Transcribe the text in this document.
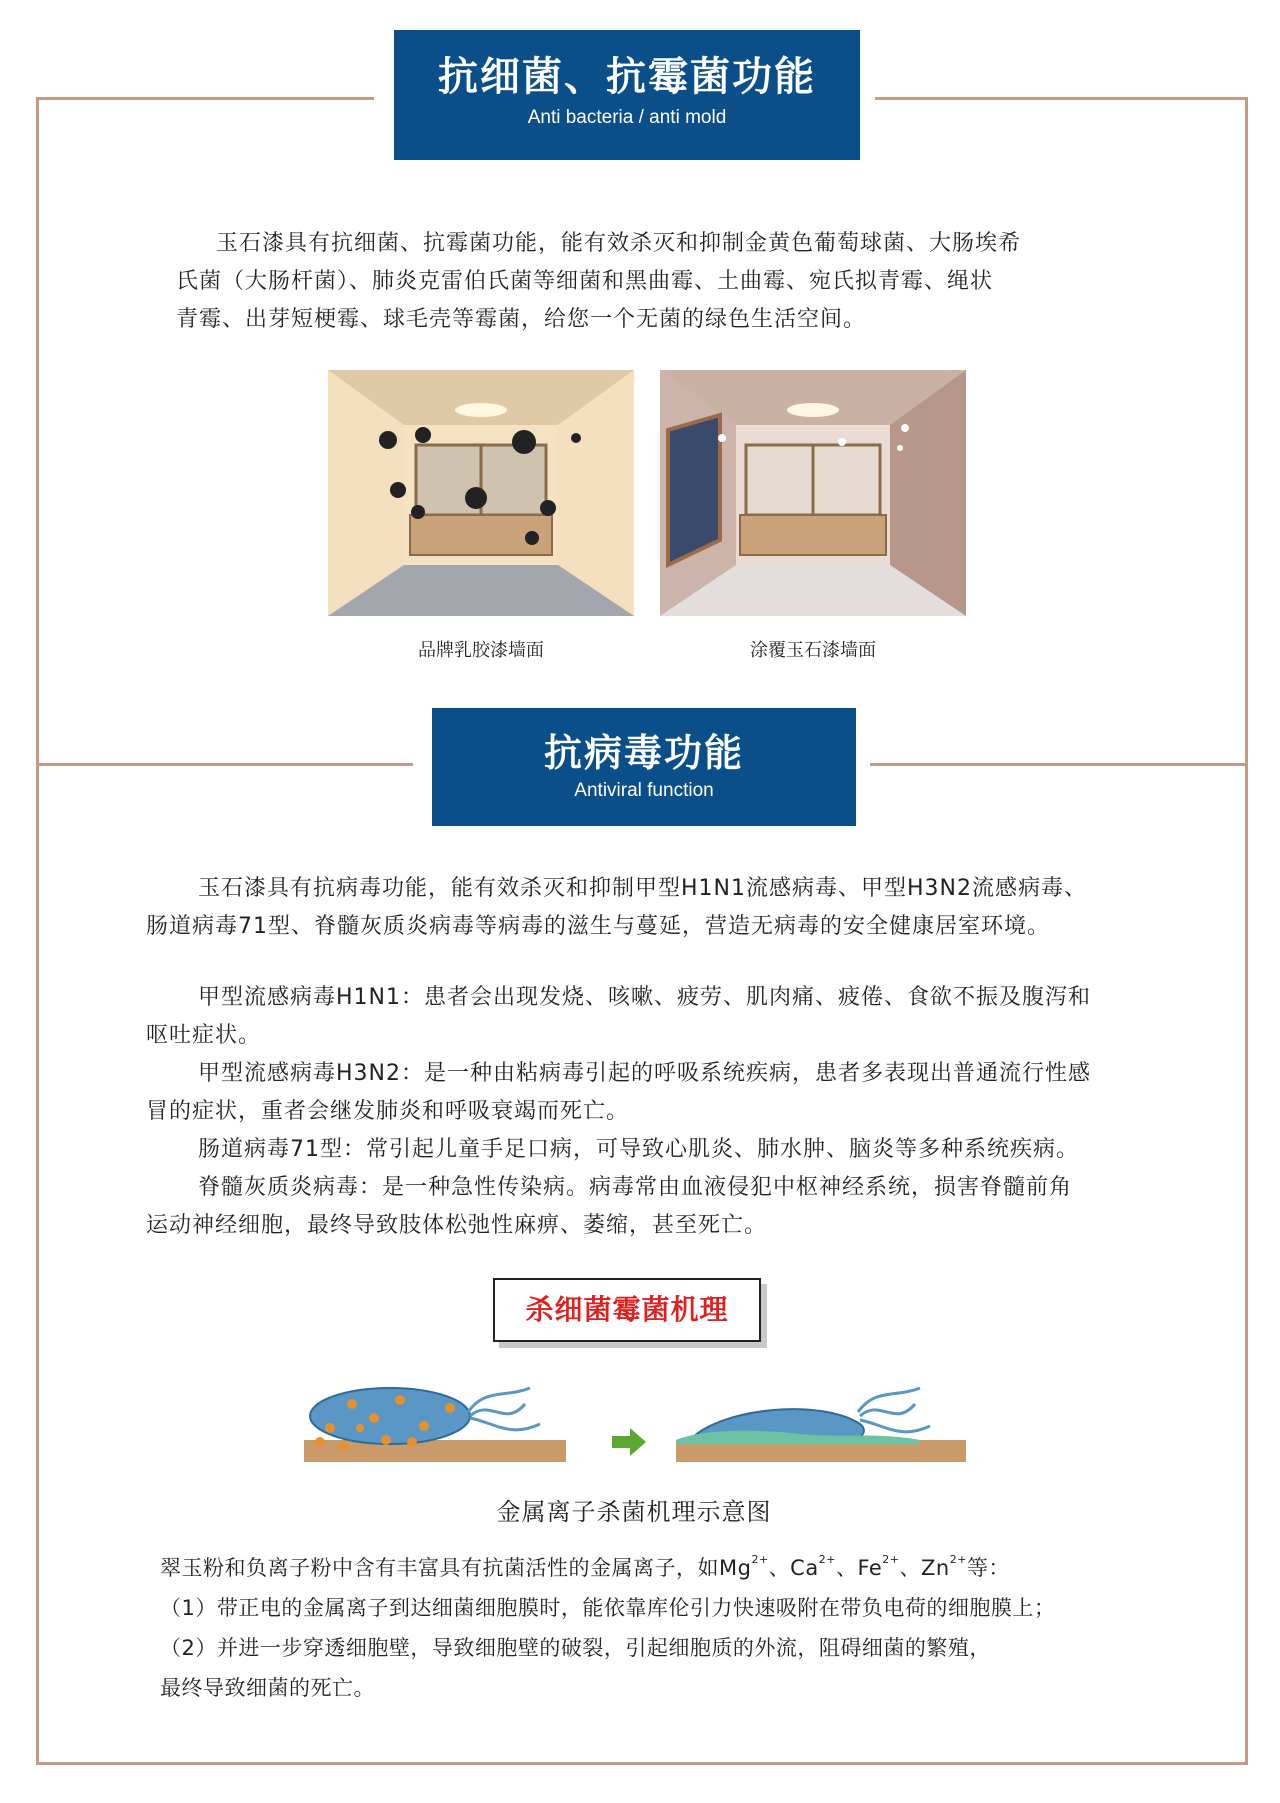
抗细菌、抗霉菌功能
Anti bacteria / anti mold

玉石漆具有抗细菌、抗霉菌功能，能有效杀灭和抑制金黄色葡萄球菌、大肠埃希

氏菌（大肠杆菌）、肺炎克雷伯氏菌等细菌和黑曲霉、土曲霉、宛氏拟青霉、绳状

青霉、出芽短梗霉、球毛壳等霉菌，给您一个无菌的绿色生活空间。

品牌乳胶漆墙面	涂覆玉石漆墙面
抗病毒功能
Antiviral function

玉石漆具有抗病毒功能，能有效杀灭和抑制甲型H1N1流感病毒、甲型H3N2流感病毒、

肠道病毒71型、脊髓灰质炎病毒等病毒的滋生与蔓延，营造无病毒的安全健康居室环境。

甲型流感病毒H1N1：患者会出现发烧、咳嗽、疲劳、肌肉痛、疲倦、食欲不振及腹泻和

呕吐症状。

甲型流感病毒H3N2：是一种由粘病毒引起的呼吸系统疾病，患者多表现出普通流行性感

冒的症状，重者会继发肺炎和呼吸衰竭而死亡。

肠道病毒71型：常引起儿童手足口病，可导致心肌炎、肺水肿、脑炎等多种系统疾病。

脊髓灰质炎病毒：是一种急性传染病。病毒常由血液侵犯中枢神经系统，损害脊髓前角

运动神经细胞，最终导致肢体松弛性麻痹、萎缩，甚至死亡。

杀细菌霉菌机理
金属离子杀菌机理示意图

翠玉粉和负离子粉中含有丰富具有抗菌活性的金属离子，如$Mg^{2+}$、$Ca^{2+}$、$Fe^{2+}$、$Zn^{2+}$等：

（1）带正电的金属离子到达细菌细胞膜时，能依靠库伦引力快速吸附在带负电荷的细胞膜上；

（2）并进一步穿透细胞壁，导致细胞壁的破裂，引起细胞质的外流，阻碍细菌的繁殖，

最终导致细菌的死亡。
